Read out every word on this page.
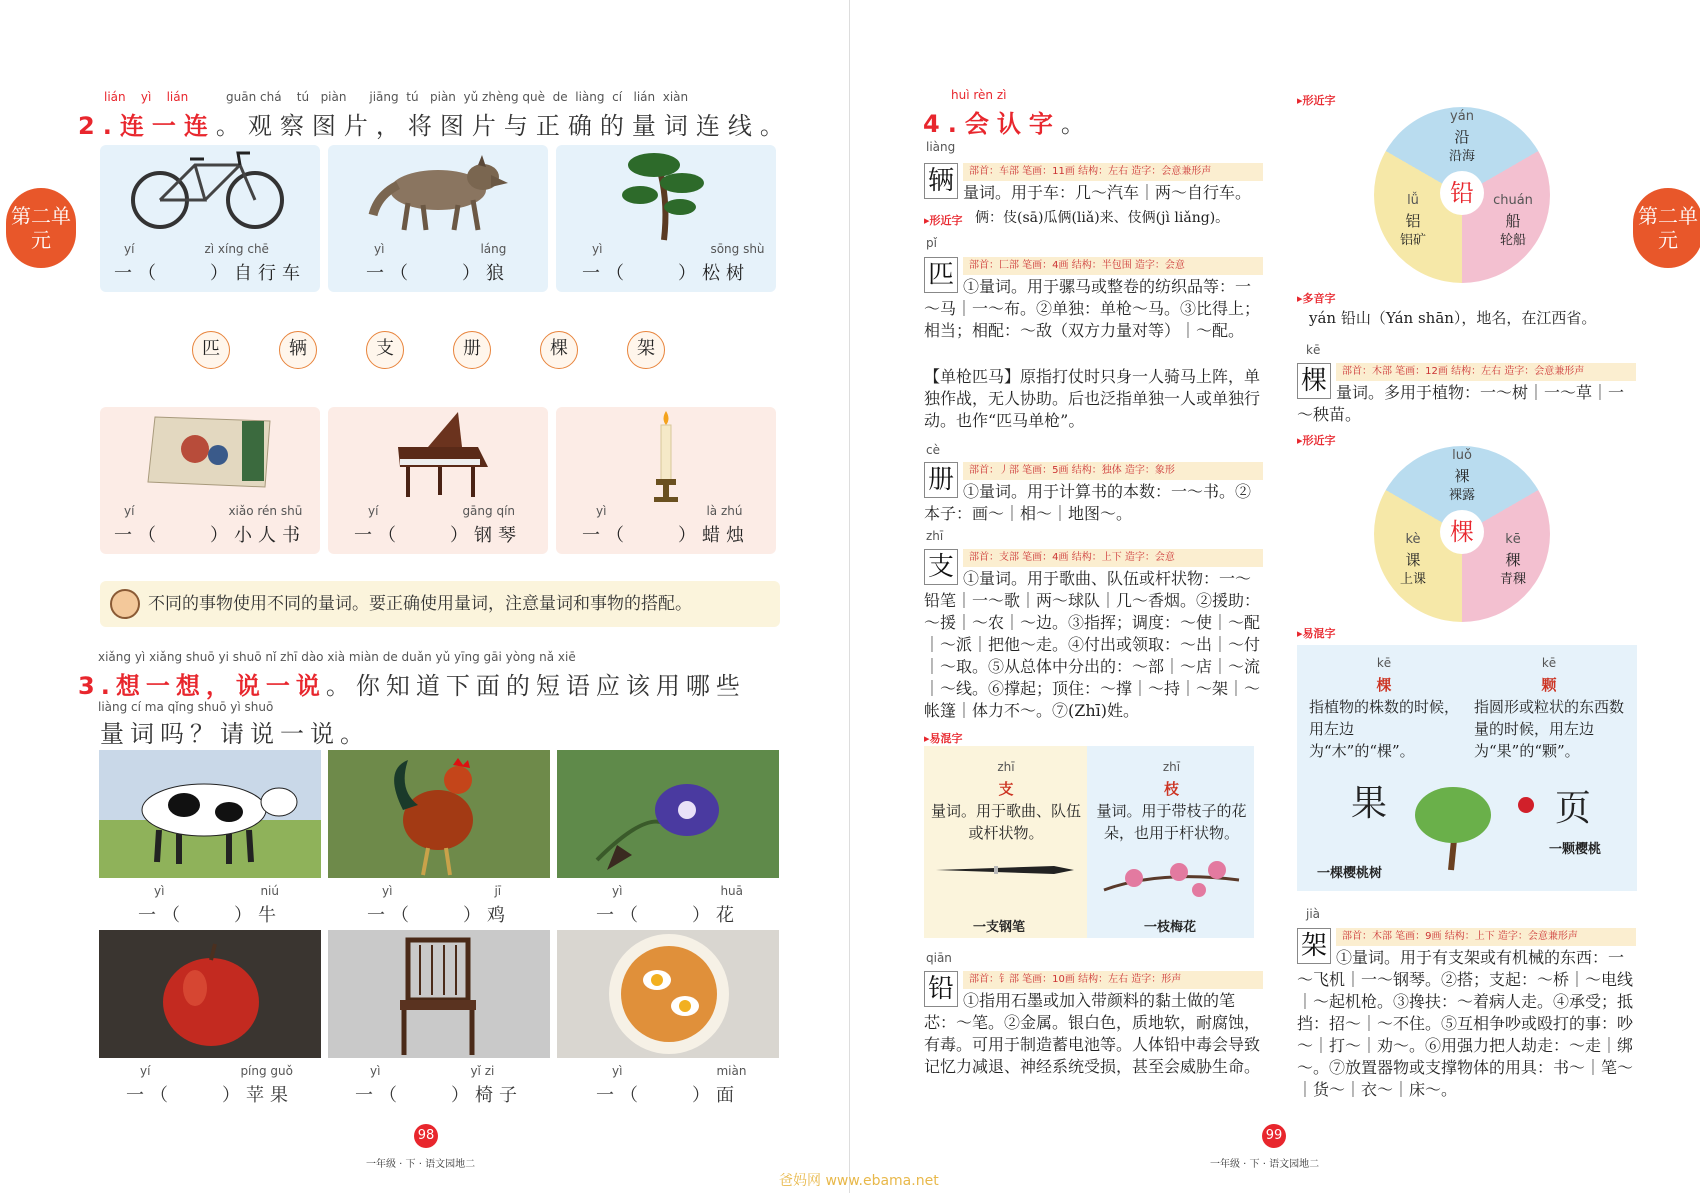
第二单元
lián    yì    lián	guān chá    tú   piàn      jiāng  tú   piàn  yǔ zhèng què  de  liàng  cí   lián  xiàn
2.连一连。观察图片，将图片与正确的量词连线。
yí	zì xíng chē
一（　　）自行车
yì	láng
一（　　）狼
yì	sōng shù
一（　　）松树
匹	辆	支	册	棵	架
yí	xiǎo rén shū
一（　　）小人书
yí	gāng qín
一（　　）钢琴
yì	là zhú
一（　　）蜡烛
不同的事物使用不同的量词。要正确使用量词，注意量词和事物的搭配。
xiǎng yì xiǎng shuō yi shuō nǐ zhī dào xià miàn de duǎn yǔ yīng gāi yòng nǎ xiē
3.想一想，说一说。你知道下面的短语应该用哪些
liàng cí ma qǐng shuō yì shuō
量词吗？请说一说。
yì	niú
一（　　）牛
yì	jī
一（　　）鸡
yì	huā
一（　　）花
yí	píng guǒ
一（　　）苹果
yì	yǐ zi
一（　　）椅子
yì	miàn
一（　　）面
98
一年级 · 下 · 语文园地二
第二单元
huì rèn zì
4.会认字。
liàng
辆	部首：车部 笔画：11画 结构：左右 造字：会意兼形声
量词。用于车：几～汽车｜两～自行车。
▸形近字 俩：伎(sā)瓜俩(liǎ)来、伎俩(jì liǎng)。
pǐ
匹	部首：匚部 笔画：4画 结构：半包围 造字：会意
①量词。用于骡马或整卷的纺织品等：一～马｜一～布。②单独：单枪～马。③比得上；相当；相配：～敌（双方力量对等）｜～配。
【单枪匹马】原指打仗时只身一人骑马上阵，单独作战，无人协助。后也泛指单独一人或单独行动。也作“匹马单枪”。
cè
册	部首：丿部 笔画：5画 结构：独体 造字：象形
①量词。用于计算书的本数：一～书。②本子：画～｜相～｜地图～。
zhī
支	部首：支部 笔画：4画 结构：上下 造字：会意
①量词。用于歌曲、队伍或杆状物：一～铅笔｜一～歌｜两～球队｜几～香烟。②援助：～援｜～农｜～边。③指挥；调度：～使｜～配｜～派｜把他～走。④付出或领取：～出｜～付｜～取。⑤从总体中分出的：～部｜～店｜～流｜～线。⑥撑起；顶住：～撑｜～持｜～架｜～帐篷｜体力不～。⑦(Zhī)姓。
▸易混字
zhī
支
量词。用于歌曲、队伍或杆状物。
zhī
枝
量词。用于带枝子的花朵，也用于杆状物。
一支钢笔	一枝梅花
qiān
铅	部首：钅部 笔画：10画 结构：左右 造字：形声
①指用石墨或加入带颜料的黏土做的笔芯：～笔。②金属。银白色，质地软，耐腐蚀，有毒。可用于制造蓄电池等。人体铅中毒会导致记忆力减退、神经系统受损，甚至会威胁生命。
▸形近字
yán
沿
沿海
lǚ
铝
铝矿
chuán
船
轮船
铅
▸多音字
yán 铅山（Yán shān），地名，在江西省。
kē
棵	部首：木部 笔画：12画 结构：左右 造字：会意兼形声
量词。多用于植物：一～树｜一～草｜一～秧苗。
▸形近字
luǒ
裸
裸露
kè
课
上课
kē
稞
青稞
棵
▸易混字
kē
棵
指植物的株数的时候，用左边为“木”的“棵”。
kē
颗
指圆形或粒状的东西数量的时候，用左边为“果”的“颗”。
果	页
一棵樱桃树
一颗樱桃
jià
架	部首：木部 笔画：9画 结构：上下 造字：会意兼形声
①量词。用于有支架或有机械的东西：一～飞机｜一～钢琴。②搭；支起：～桥｜～电线｜～起机枪。③搀扶：～着病人走。④承受；抵挡：招～｜～不住。⑤互相争吵或殴打的事：吵～｜打～｜劝～。⑥用强力把人劫走：～走｜绑～。⑦放置器物或支撑物体的用具：书～｜笔～｜货～｜衣～｜床～。
99
一年级 · 下 · 语文园地二
爸妈网 www.ebama.net
